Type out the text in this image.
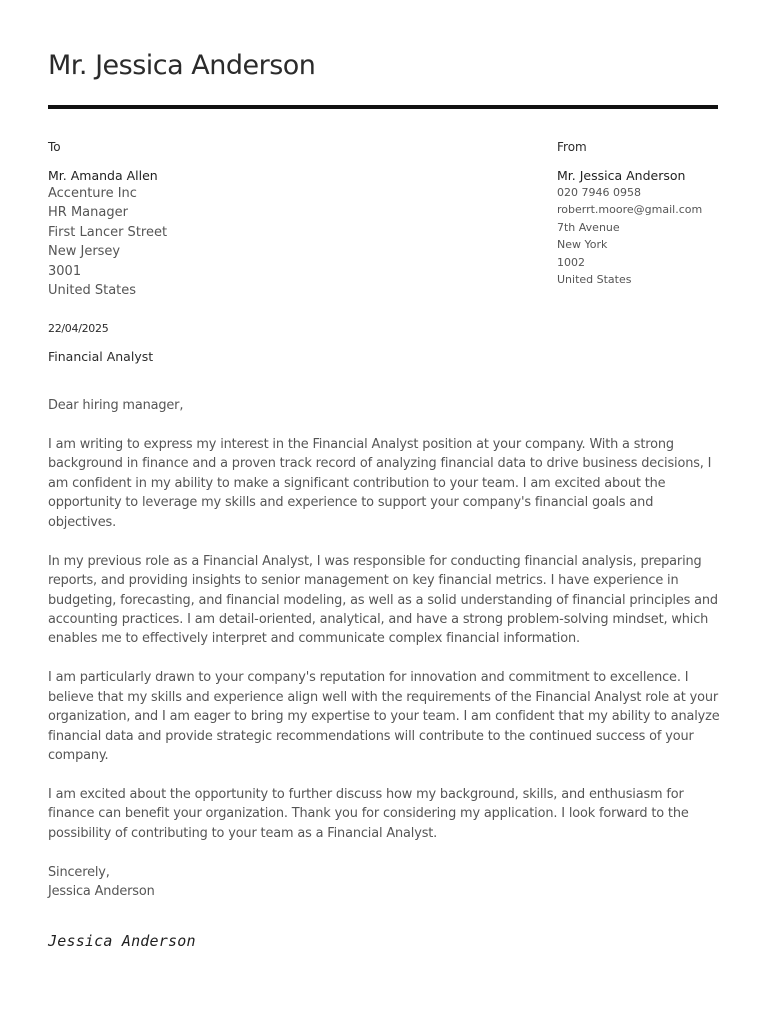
Mr. Jessica Anderson
To
Mr. Amanda Allen
Accenture Inc
HR Manager
First Lancer Street
New Jersey
3001
United States
From
Mr. Jessica Anderson
020 7946 0958
roberrt.moore@gmail.com
7th Avenue
New York
1002
United States
22/04/2025
Financial Analyst

Dear hiring manager,

I am writing to express my interest in the Financial Analyst position at your company. With a strong background in finance and a proven track record of analyzing financial data to drive business decisions, I am confident in my ability to make a significant contribution to your team. I am excited about the opportunity to leverage my skills and experience to support your company's financial goals and objectives.

In my previous role as a Financial Analyst, I was responsible for conducting financial analysis, preparing reports, and providing insights to senior management on key financial metrics. I have experience in budgeting, forecasting, and financial modeling, as well as a solid understanding of financial principles and accounting practices. I am detail-oriented, analytical, and have a strong problem-solving mindset, which enables me to effectively interpret and communicate complex financial information.

I am particularly drawn to your company's reputation for innovation and commitment to excellence. I believe that my skills and experience align well with the requirements of the Financial Analyst role at your organization, and I am eager to bring my expertise to your team. I am confident that my ability to analyze financial data and provide strategic recommendations will contribute to the continued success of your company.

I am excited about the opportunity to further discuss how my background, skills, and enthusiasm for finance can benefit your organization. Thank you for considering my application. I look forward to the possibility of contributing to your team as a Financial Analyst.

Sincerely,
Jessica Anderson
Jessica Anderson
